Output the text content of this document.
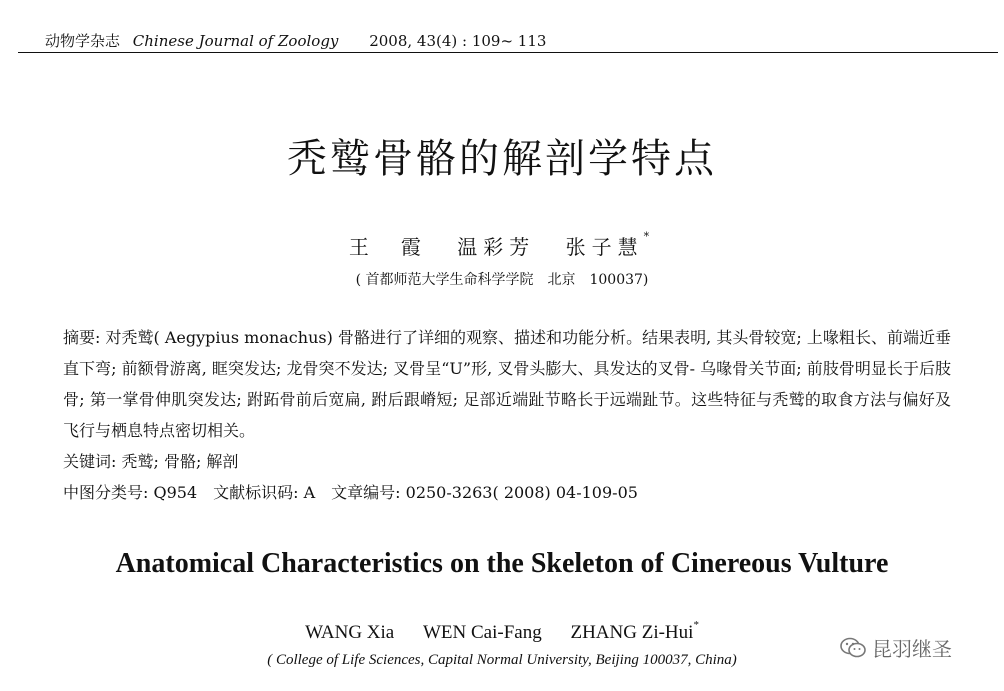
动物学杂志 Chinese Journal of Zoology 2008, 43(4) : 109~ 113
秃鹫骨骼的解剖学特点
王　霞 温彩芳 张子慧*
( 首都师范大学生命科学学院　北京　100037)
摘要: 对秃鹫( Aegypius monachus) 骨骼进行了详细的观察、描述和功能分析。结果表明, 其头骨较宽; 上喙粗长、前端近垂直下弯; 前额骨游离, 眶突发达; 龙骨突不发达; 叉骨呈“U”形, 叉骨头膨大、具发达的叉骨- 乌喙骨关节面; 前肢骨明显长于后肢骨; 第一掌骨伸肌突发达; 跗跖骨前后宽扁, 跗后跟嵴短; 足部近端趾节略长于远端趾节。这些特征与秃鹫的取食方法与偏好及飞行与栖息特点密切相关。
关键词: 秃鹫; 骨骼; 解剖
中图分类号: Q954　文献标识码: A　文章编号: 0250-3263( 2008) 04-109-05
Anatomical Characteristics on the Skeleton of Cinereous Vulture
WANG Xia WEN Cai-Fang ZHANG Zi-Hui*
( College of Life Sciences, Capital Normal University, Beijing 100037, China)	昆羽继圣
